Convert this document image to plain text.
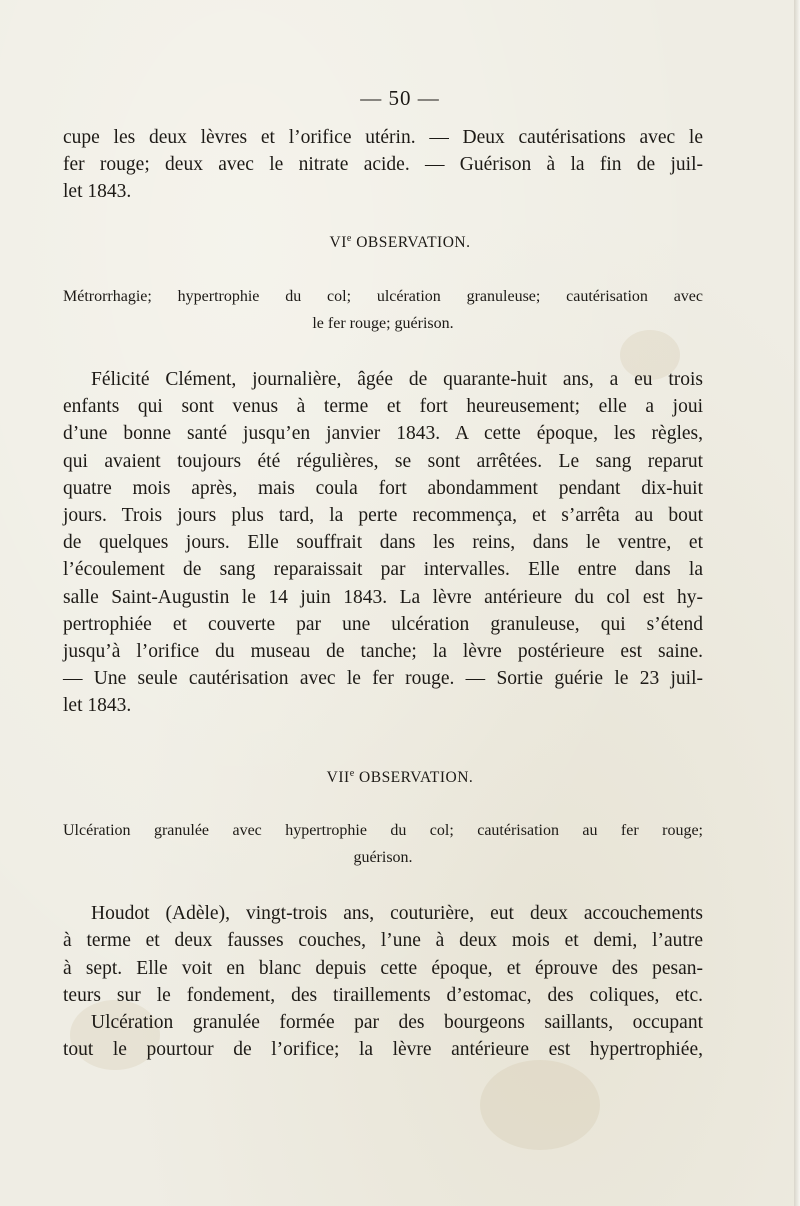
— 50 —
cupe les deux lèvres et l’orifice utérin. — Deux cautérisations avec le
fer rouge; deux avec le nitrate acide. — Guérison à la fin de juil-
let 1843.
VIe OBSERVATION.
Métrorrhagie; hypertrophie du col; ulcération granuleuse; cautérisation avec
le fer rouge; guérison.
Félicité Clément, journalière, âgée de quarante-huit ans, a eu trois
enfants qui sont venus à terme et fort heureusement; elle a joui
d’une bonne santé jusqu’en janvier 1843. A cette époque, les règles,
qui avaient toujours été régulières, se sont arrêtées. Le sang reparut
quatre mois après, mais coula fort abondamment pendant dix-huit
jours. Trois jours plus tard, la perte recommença, et s’arrêta au bout
de quelques jours. Elle souffrait dans les reins, dans le ventre, et
l’écoulement de sang reparaissait par intervalles. Elle entre dans la
salle Saint-Augustin le 14 juin 1843. La lèvre antérieure du col est hy-
pertrophiée et couverte par une ulcération granuleuse, qui s’étend
jusqu’à l’orifice du museau de tanche; la lèvre postérieure est saine.
— Une seule cautérisation avec le fer rouge. — Sortie guérie le 23 juil-
let 1843.
VIIe OBSERVATION.
Ulcération granulée avec hypertrophie du col; cautérisation au fer rouge;
guérison.
Houdot (Adèle), vingt-trois ans, couturière, eut deux accouchements
à terme et deux fausses couches, l’une à deux mois et demi, l’autre
à sept. Elle voit en blanc depuis cette époque, et éprouve des pesan-
teurs sur le fondement, des tiraillements d’estomac, des coliques, etc.
Ulcération granulée formée par des bourgeons saillants, occupant
tout le pourtour de l’orifice; la lèvre antérieure est hypertrophiée,
